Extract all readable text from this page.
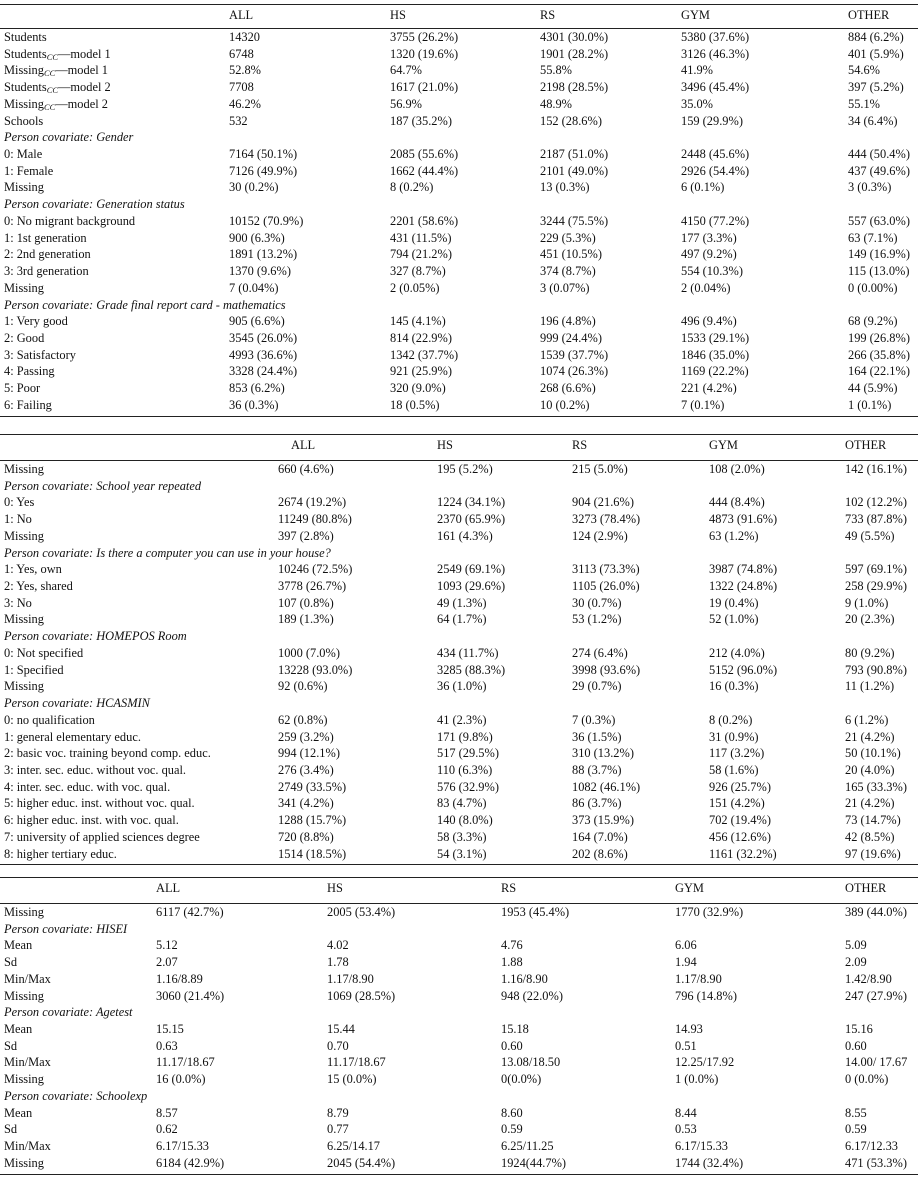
ALL	HS	RS	GYM	OTHER
Students	14320	3755 (26.2%)	4301 (30.0%)	5380 (37.6%)	884 (6.2%)
Students$_{CC}$—model 1	6748	1320 (19.6%)	1901 (28.2%)	3126 (46.3%)	401 (5.9%)
Missing$_{CC}$—model 1	52.8%	64.7%	55.8%	41.9%	54.6%
Students$_{CC}$—model 2	7708	1617 (21.0%)	2198 (28.5%)	3496 (45.4%)	397 (5.2%)
Missing$_{CC}$—model 2	46.2%	56.9%	48.9%	35.0%	55.1%
Schools	532	187 (35.2%)	152 (28.6%)	159 (29.9%)	34 (6.4%)
Person covariate: Gender
0: Male	7164 (50.1%)	2085 (55.6%)	2187 (51.0%)	2448 (45.6%)	444 (50.4%)
1: Female	7126 (49.9%)	1662 (44.4%)	2101 (49.0%)	2926 (54.4%)	437 (49.6%)
Missing	30 (0.2%)	8 (0.2%)	13 (0.3%)	6 (0.1%)	3 (0.3%)
Person covariate: Generation status
0: No migrant background	10152 (70.9%)	2201 (58.6%)	3244 (75.5%)	4150 (77.2%)	557 (63.0%)
1: 1st generation	900 (6.3%)	431 (11.5%)	229 (5.3%)	177 (3.3%)	63 (7.1%)
2: 2nd generation	1891 (13.2%)	794 (21.2%)	451 (10.5%)	497 (9.2%)	149 (16.9%)
3: 3rd generation	1370 (9.6%)	327 (8.7%)	374 (8.7%)	554 (10.3%)	115 (13.0%)
Missing	7 (0.04%)	2 (0.05%)	3 (0.07%)	2 (0.04%)	0 (0.00%)
Person covariate: Grade final report card - mathematics
1: Very good	905 (6.6%)	145 (4.1%)	196 (4.8%)	496 (9.4%)	68 (9.2%)
2: Good	3545 (26.0%)	814 (22.9%)	999 (24.4%)	1533 (29.1%)	199 (26.8%)
3: Satisfactory	4993 (36.6%)	1342 (37.7%)	1539 (37.7%)	1846 (35.0%)	266 (35.8%)
4: Passing	3328 (24.4%)	921 (25.9%)	1074 (26.3%)	1169 (22.2%)	164 (22.1%)
5: Poor	853 (6.2%)	320 (9.0%)	268 (6.6%)	221 (4.2%)	44 (5.9%)
6: Failing	36 (0.3%)	18 (0.5%)	10 (0.2%)	7 (0.1%)	1 (0.1%)
ALL	HS	RS	GYM	OTHER
Missing	660 (4.6%)	195 (5.2%)	215 (5.0%)	108 (2.0%)	142 (16.1%)
Person covariate: School year repeated
0: Yes	2674 (19.2%)	1224 (34.1%)	904 (21.6%)	444 (8.4%)	102 (12.2%)
1: No	11249 (80.8%)	2370 (65.9%)	3273 (78.4%)	4873 (91.6%)	733 (87.8%)
Missing	397 (2.8%)	161 (4.3%)	124 (2.9%)	63 (1.2%)	49 (5.5%)
Person covariate: Is there a computer you can use in your house?
1: Yes, own	10246 (72.5%)	2549 (69.1%)	3113 (73.3%)	3987 (74.8%)	597 (69.1%)
2: Yes, shared	3778 (26.7%)	1093 (29.6%)	1105 (26.0%)	1322 (24.8%)	258 (29.9%)
3: No	107 (0.8%)	49 (1.3%)	30 (0.7%)	19 (0.4%)	9 (1.0%)
Missing	189 (1.3%)	64 (1.7%)	53 (1.2%)	52 (1.0%)	20 (2.3%)
Person covariate: HOMEPOS Room
0: Not specified	1000 (7.0%)	434 (11.7%)	274 (6.4%)	212 (4.0%)	80 (9.2%)
1: Specified	13228 (93.0%)	3285 (88.3%)	3998 (93.6%)	5152 (96.0%)	793 (90.8%)
Missing	92 (0.6%)	36 (1.0%)	29 (0.7%)	16 (0.3%)	11 (1.2%)
Person covariate: HCASMIN
0: no qualification	62 (0.8%)	41 (2.3%)	7 (0.3%)	8 (0.2%)	6 (1.2%)
1: general elementary educ.	259 (3.2%)	171 (9.8%)	36 (1.5%)	31 (0.9%)	21 (4.2%)
2: basic voc. training beyond comp. educ.	994 (12.1%)	517 (29.5%)	310 (13.2%)	117 (3.2%)	50 (10.1%)
3: inter. sec. educ. without voc. qual.	276 (3.4%)	110 (6.3%)	88 (3.7%)	58 (1.6%)	20 (4.0%)
4: inter. sec. educ. with voc. qual.	2749 (33.5%)	576 (32.9%)	1082 (46.1%)	926 (25.7%)	165 (33.3%)
5: higher educ. inst. without voc. qual.	341 (4.2%)	83 (4.7%)	86 (3.7%)	151 (4.2%)	21 (4.2%)
6: higher educ. inst. with voc. qual.	1288 (15.7%)	140 (8.0%)	373 (15.9%)	702 (19.4%)	73 (14.7%)
7: university of applied sciences degree	720 (8.8%)	58 (3.3%)	164 (7.0%)	456 (12.6%)	42 (8.5%)
8: higher tertiary educ.	1514 (18.5%)	54 (3.1%)	202 (8.6%)	1161 (32.2%)	97 (19.6%)
ALL	HS	RS	GYM	OTHER
Missing	6117 (42.7%)	2005 (53.4%)	1953 (45.4%)	1770 (32.9%)	389 (44.0%)
Person covariate: HISEI
Mean	5.12	4.02	4.76	6.06	5.09
Sd	2.07	1.78	1.88	1.94	2.09
Min/Max	1.16/8.89	1.17/8.90	1.16/8.90	1.17/8.90	1.42/8.90
Missing	3060 (21.4%)	1069 (28.5%)	948 (22.0%)	796 (14.8%)	247 (27.9%)
Person covariate: Agetest
Mean	15.15	15.44	15.18	14.93	15.16
Sd	0.63	0.70	0.60	0.51	0.60
Min/Max	11.17/18.67	11.17/18.67	13.08/18.50	12.25/17.92	14.00/ 17.67
Missing	16 (0.0%)	15 (0.0%)	0(0.0%)	1 (0.0%)	0 (0.0%)
Person covariate: Schoolexp
Mean	8.57	8.79	8.60	8.44	8.55
Sd	0.62	0.77	0.59	0.53	0.59
Min/Max	6.17/15.33	6.25/14.17	6.25/11.25	6.17/15.33	6.17/12.33
Missing	6184 (42.9%)	2045 (54.4%)	1924(44.7%)	1744 (32.4%)	471 (53.3%)
